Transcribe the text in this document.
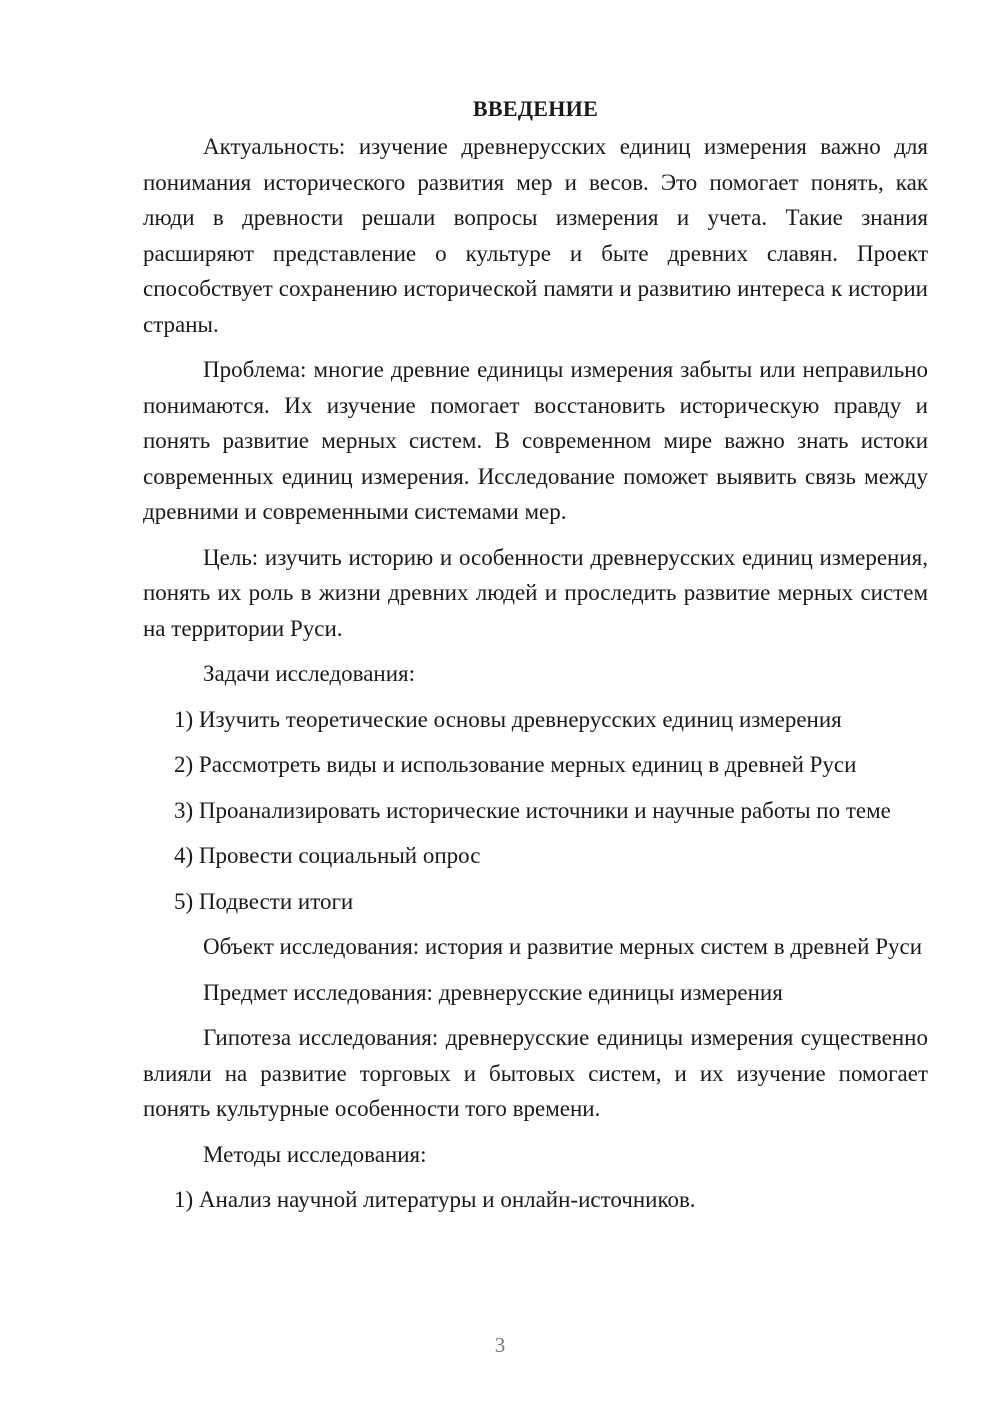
ВВЕДЕНИЕ

Актуальность: изучение древнерусских единиц измерения важно для понимания исторического развития мер и весов. Это помогает понять, как люди в древности решали вопросы измерения и учета. Такие знания расширяют представление о культуре и быте древних славян. Проект способствует сохранению исторической памяти и развитию интереса к истории страны.

Проблема: многие древние единицы измерения забыты или неправильно понимаются. Их изучение помогает восстановить историческую правду и понять развитие мерных систем. В современном мире важно знать истоки современных единиц измерения. Исследование поможет выявить связь между древними и современными системами мер.

Цель: изучить историю и особенности древнерусских единиц измерения, понять их роль в жизни древних людей и проследить развитие мерных систем на территории Руси.

Задачи исследования:

1) Изучить теоретические основы древнерусских единиц измерения

2) Рассмотреть виды и использование мерных единиц в древней Руси

3) Проанализировать исторические источники и научные работы по теме

4) Провести социальный опрос

5) Подвести итоги

Объект исследования: история и развитие мерных систем в древней Руси

Предмет исследования: древнерусские единицы измерения

Гипотеза исследования: древнерусские единицы измерения существенно влияли на развитие торговых и бытовых систем, и их изучение помогает понять культурные особенности того времени.

Методы исследования:

1) Анализ научной литературы и онлайн-источников.

3
